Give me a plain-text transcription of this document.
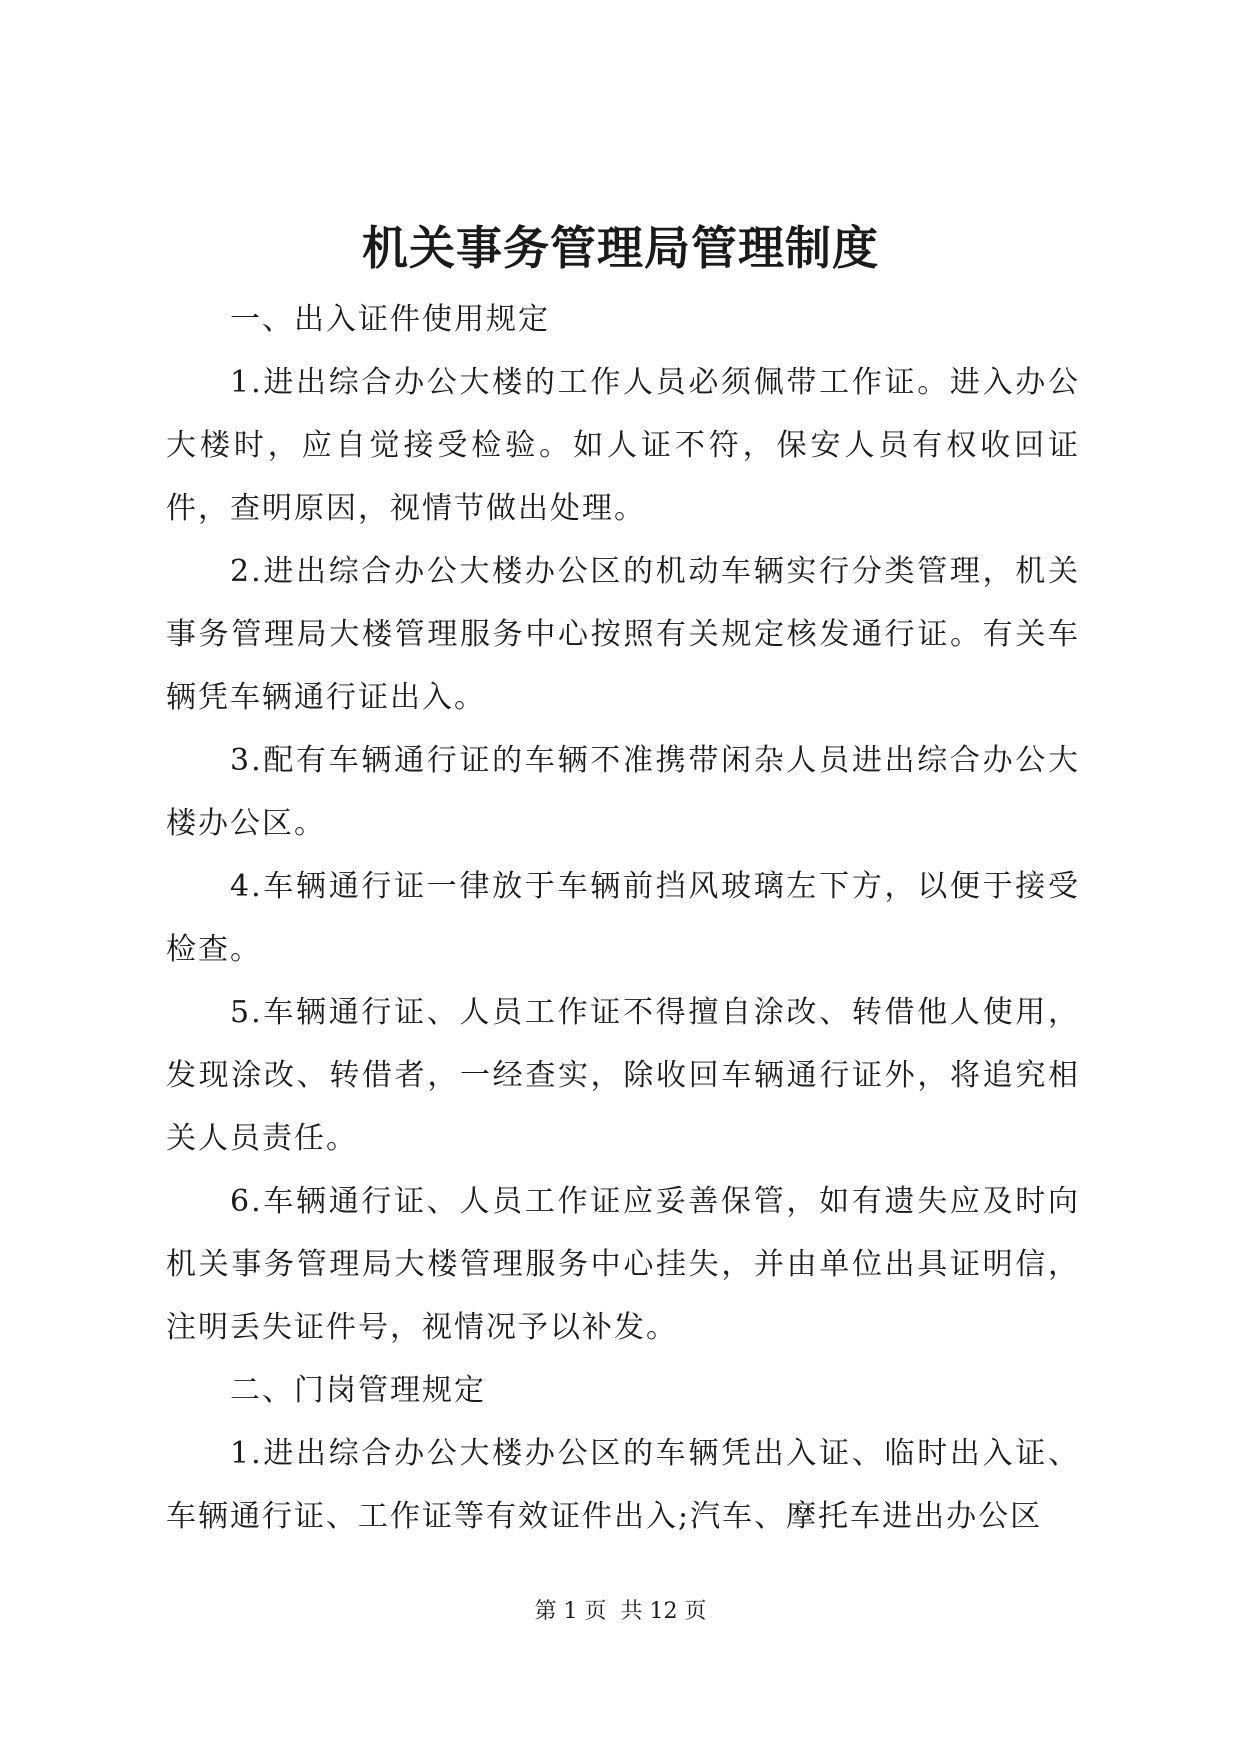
机关事务管理局管理制度

一、出入证件使用规定

1.进出综合办公大楼的工作人员必须佩带工作证。进入办公大楼时，应自觉接受检验。如人证不符，保安人员有权收回证件，查明原因，视情节做出处理。

2.进出综合办公大楼办公区的机动车辆实行分类管理，机关事务管理局大楼管理服务中心按照有关规定核发通行证。有关车辆凭车辆通行证出入。

3.配有车辆通行证的车辆不准携带闲杂人员进出综合办公大楼办公区。

4.车辆通行证一律放于车辆前挡风玻璃左下方，以便于接受检查。

5.车辆通行证、人员工作证不得擅自涂改、转借他人使用，发现涂改、转借者，一经查实，除收回车辆通行证外，将追究相关人员责任。

6.车辆通行证、人员工作证应妥善保管，如有遗失应及时向机关事务管理局大楼管理服务中心挂失，并由单位出具证明信，注明丢失证件号，视情况予以补发。

二、门岗管理规定

1.进出综合办公大楼办公区的车辆凭出入证、临时出入证、车辆通行证、工作证等有效证件出入;汽车、摩托车进出办公区

第 1 页  共 12 页
